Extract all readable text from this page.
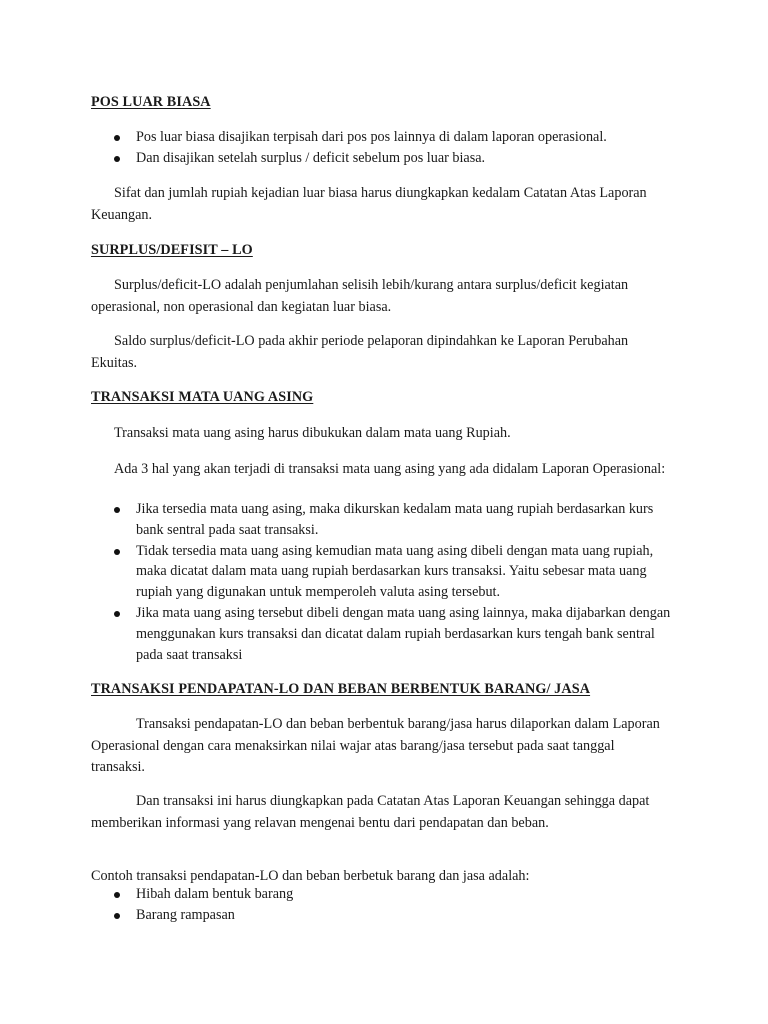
POS LUAR BIASA
Pos luar biasa disajikan terpisah dari pos pos lainnya di dalam laporan operasional.
Dan disajikan setelah surplus / deficit sebelum pos luar biasa.

Sifat dan jumlah rupiah kejadian luar biasa harus diungkapkan kedalam Catatan Atas Laporan Keuangan.

SURPLUS/DEFISIT – LO

Surplus/deficit-LO adalah penjumlahan selisih lebih/kurang antara surplus/deficit kegiatan operasional, non operasional dan kegiatan luar biasa.

Saldo surplus/deficit-LO pada akhir periode pelaporan dipindahkan ke Laporan Perubahan Ekuitas.

TRANSAKSI MATA UANG ASING

Transaksi mata uang asing harus dibukukan dalam mata uang Rupiah.

Ada 3 hal yang akan terjadi di transaksi mata uang asing yang ada didalam Laporan Operasional:

Jika tersedia mata uang asing, maka dikurskan kedalam mata uang rupiah berdasarkan kurs bank sentral pada saat transaksi.
Tidak tersedia mata uang asing kemudian mata uang asing dibeli dengan mata uang rupiah, maka dicatat dalam mata uang rupiah berdasarkan kurs transaksi. Yaitu sebesar mata uang rupiah yang digunakan untuk memperoleh valuta asing tersebut.
Jika mata uang asing tersebut dibeli dengan mata uang asing lainnya, maka dijabarkan dengan menggunakan kurs transaksi dan dicatat dalam rupiah berdasarkan kurs tengah bank sentral pada saat transaksi
TRANSAKSI PENDAPATAN-LO DAN BEBAN BERBENTUK BARANG/ JASA

Transaksi pendapatan-LO dan beban berbentuk barang/jasa harus dilaporkan dalam Laporan Operasional dengan cara menaksirkan nilai wajar atas barang/jasa tersebut pada saat tanggal transaksi.

Dan transaksi ini harus diungkapkan pada Catatan Atas Laporan Keuangan sehingga dapat memberikan informasi yang relavan mengenai bentu dari pendapatan dan beban.

Contoh transaksi pendapatan-LO dan beban berbetuk barang dan jasa adalah:

Hibah dalam bentuk barang
Barang rampasan
